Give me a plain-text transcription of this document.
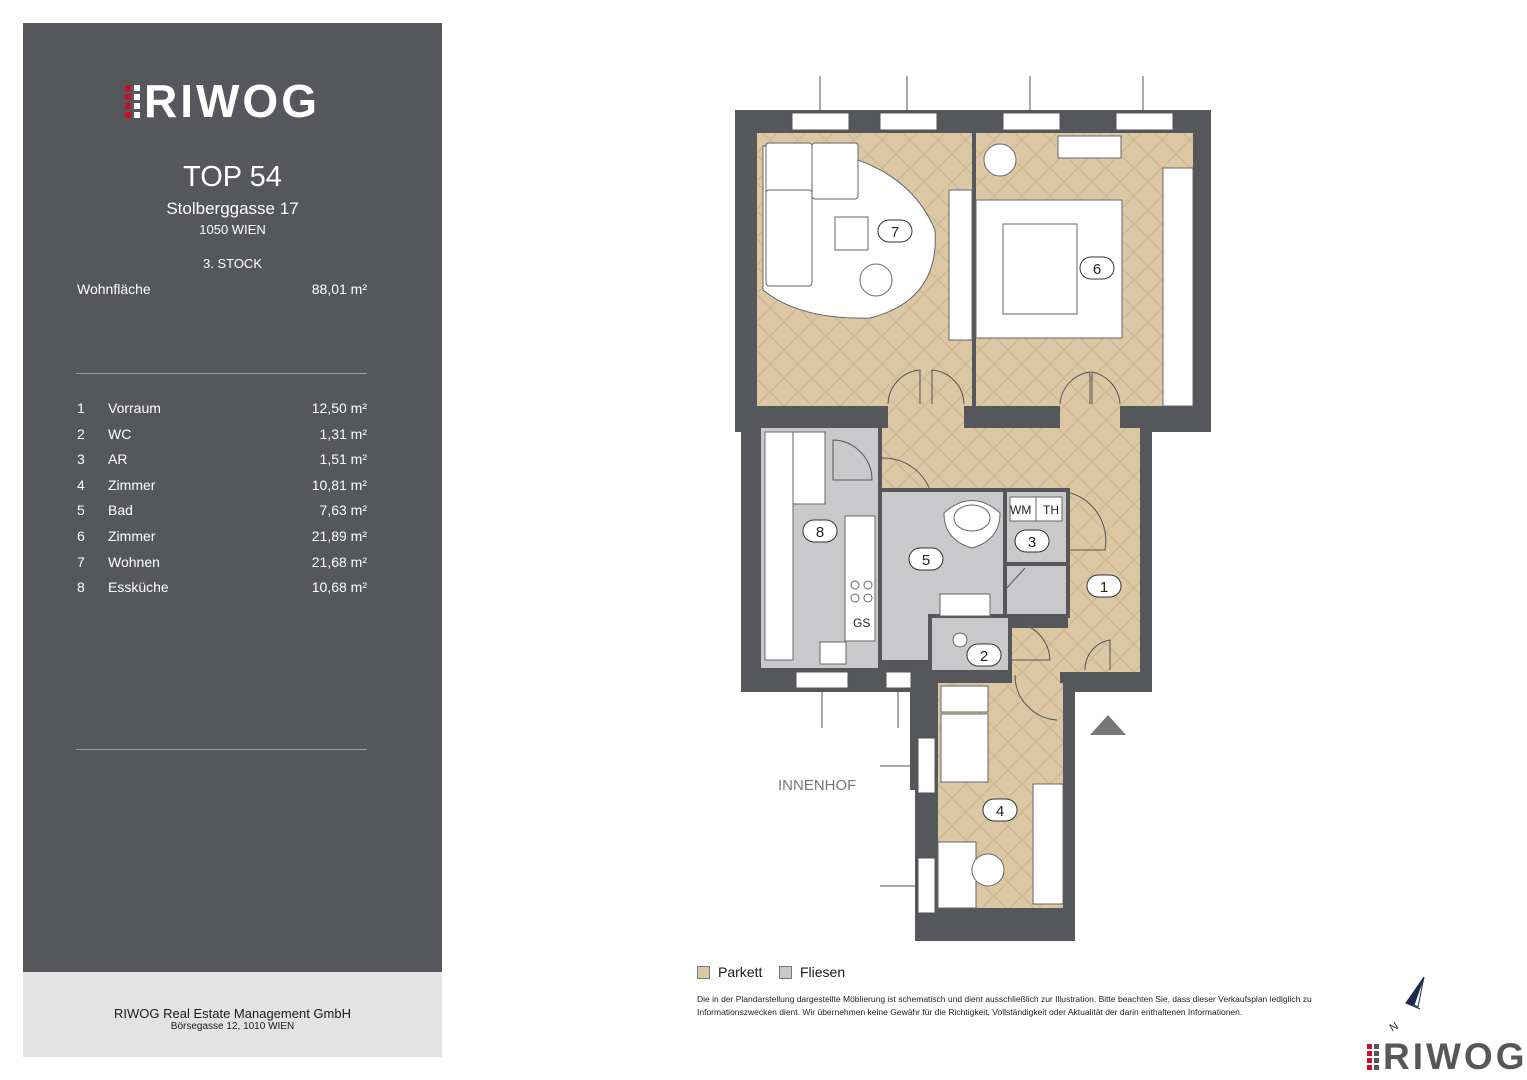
RIWOG
TOP 54
Stolberggasse 17
1050 WIEN
3. STOCK
Wohnfläche	88,01 m²
1 Vorraum	12,50 m²
2 WC	1,31 m²
3 AR	1,51 m²
4 Zimmer	10,81 m²
5 Bad	7,63 m²
6 Zimmer	21,89 m²
7 Wohnen	21,68 m²
8 Essküche	10,68 m²
RIWOG Real Estate Management GmbH
Börsegasse 12, 1010 WIEN
7
6
8
5
3
1
2
4
WM TH
GS
INNENHOF
Parkett	Fliesen
Die in der Plandarstellung dargestellte Möblierung ist schematisch und dient ausschließlich zur Illustration. Bitte beachten Sie, dass dieser Verkaufsplan lediglich zu Informationszwecken dient. Wir übernehmen keine Gewähr für die Richtigkeit, Vollständigkeit oder Aktualität der darin enthaltenen Informationen.
N
RIWOG
